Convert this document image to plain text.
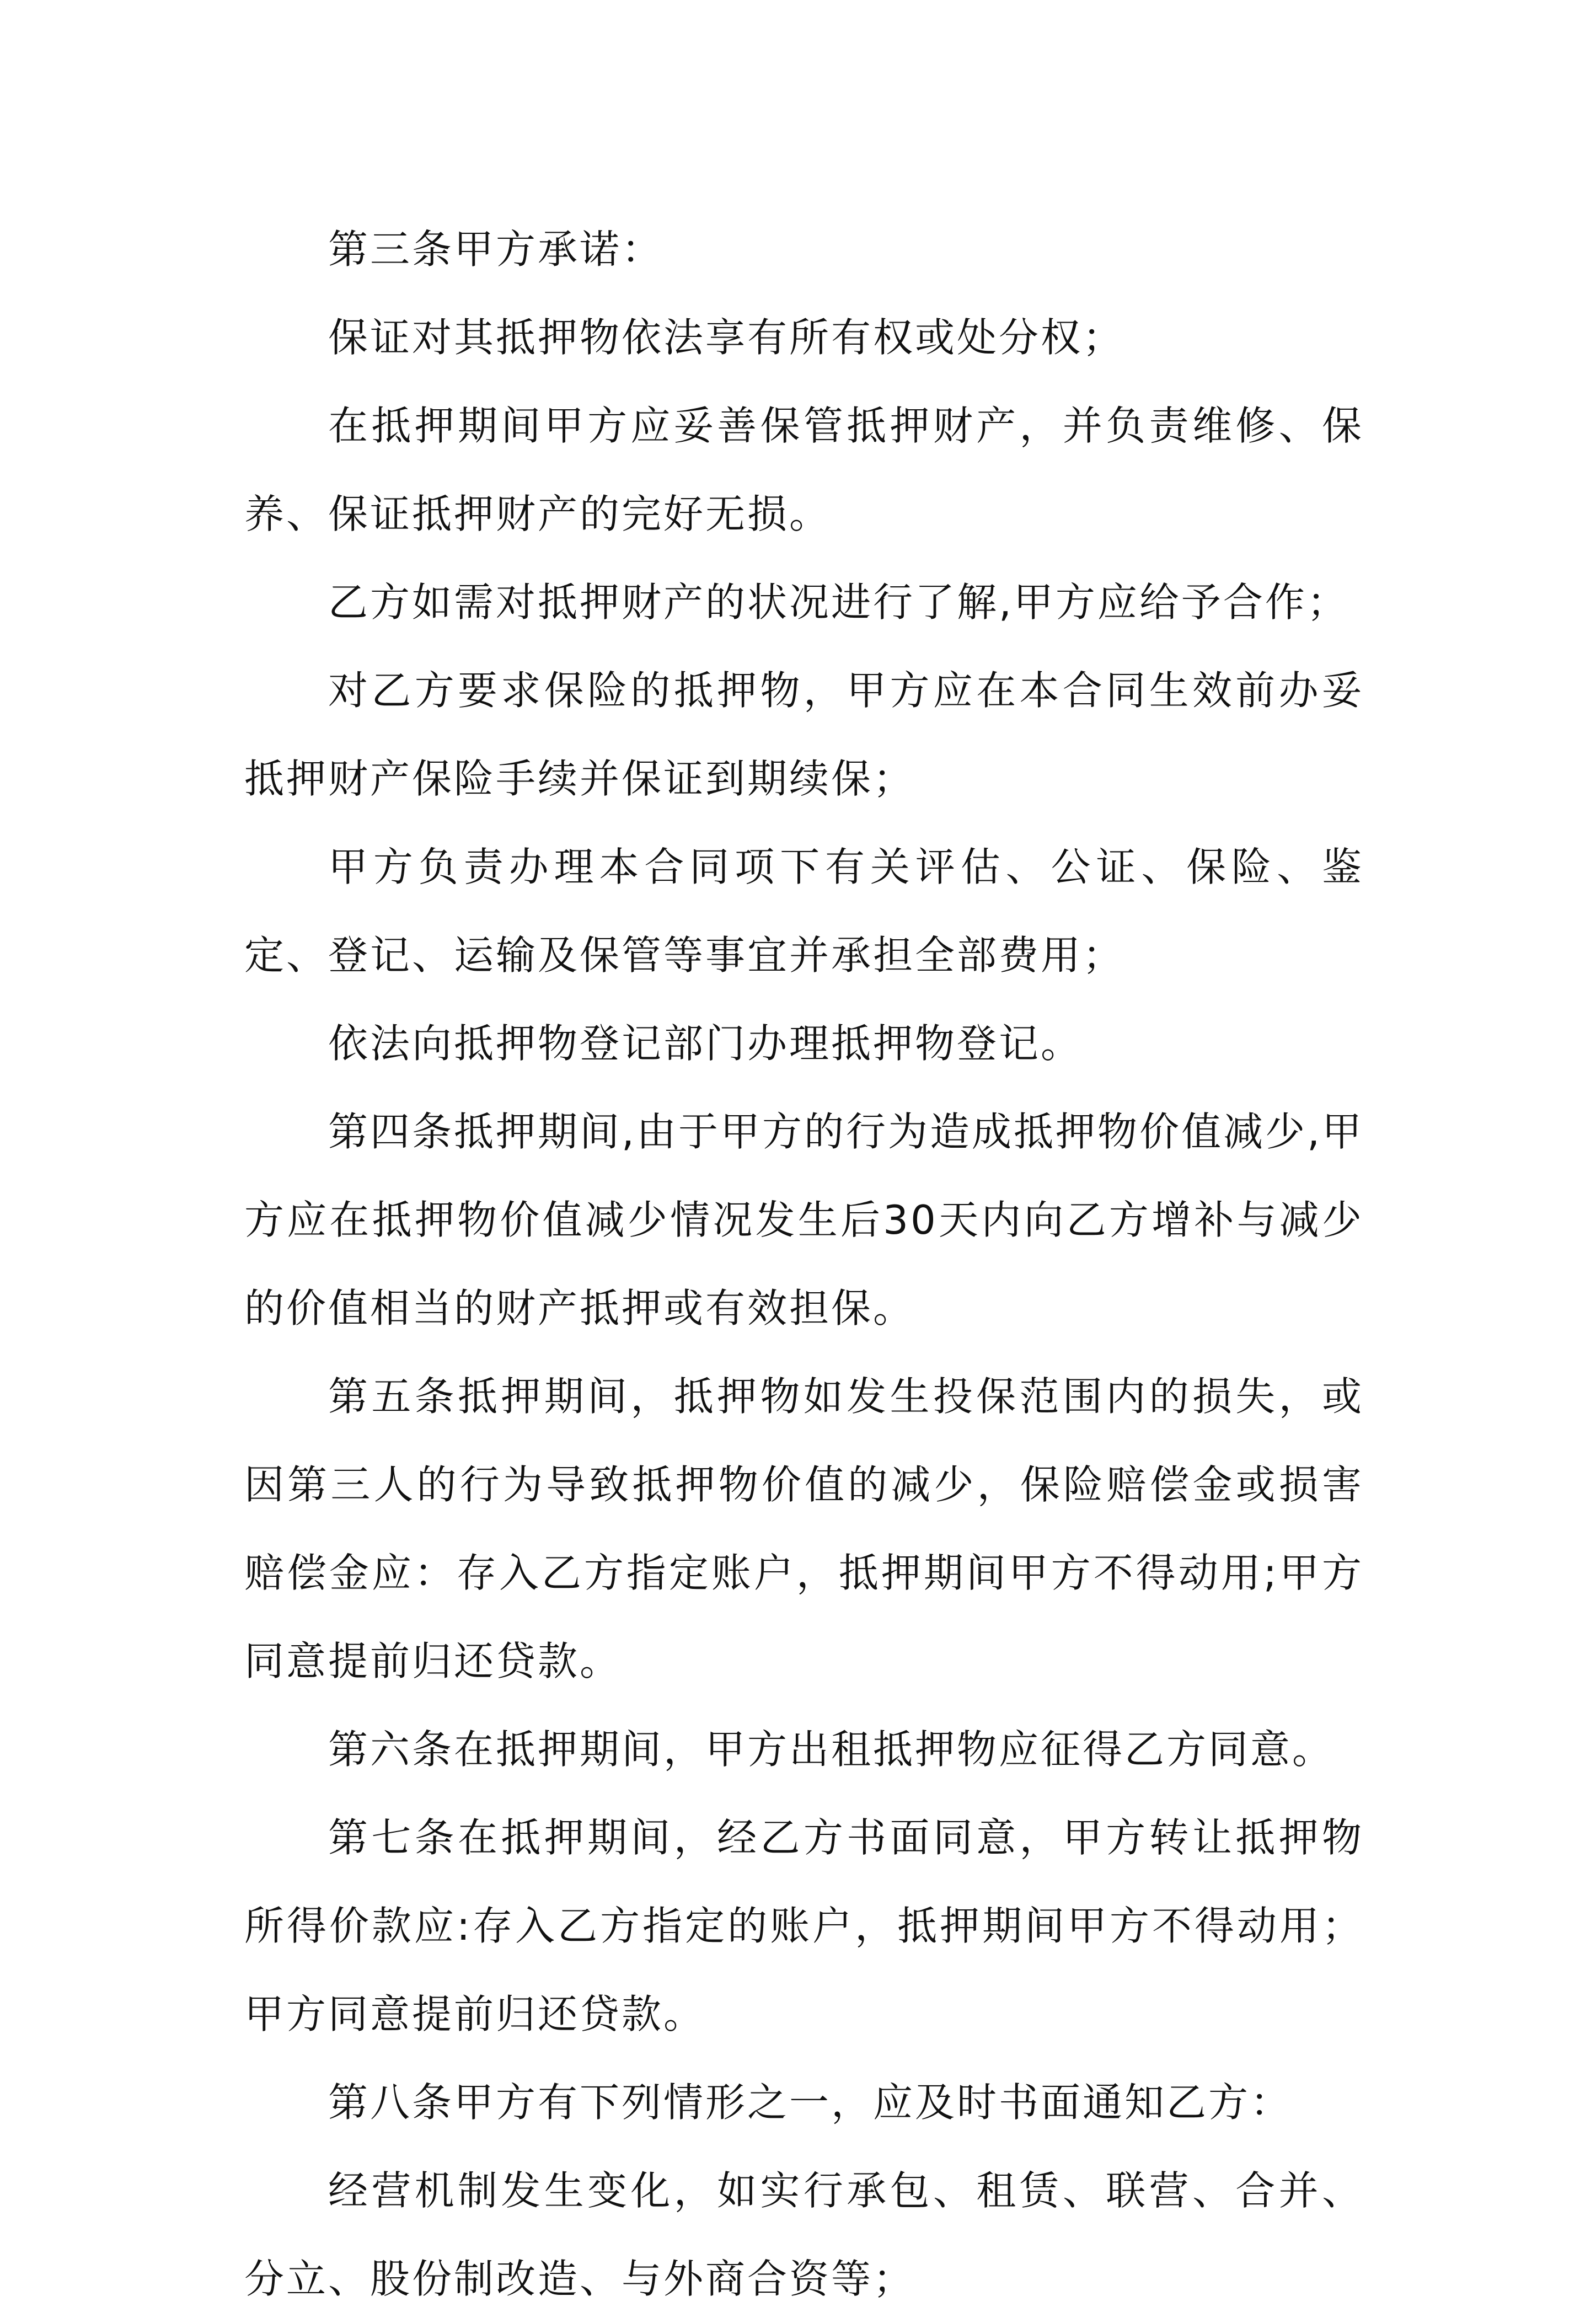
第三条甲方承诺：

保证对其抵押物依法享有所有权或处分权；

在抵押期间甲方应妥善保管抵押财产，并负责维修、保养、保证抵押财产的完好无损。

乙方如需对抵押财产的状况进行了解,甲方应给予合作；

对乙方要求保险的抵押物，甲方应在本合同生效前办妥抵押财产保险手续并保证到期续保；

甲方负责办理本合同项下有关评估、公证、保险、鉴定、登记、运输及保管等事宜并承担全部费用；

依法向抵押物登记部门办理抵押物登记。

第四条抵押期间,由于甲方的行为造成抵押物价值减少,甲方应在抵押物价值减少情况发生后30天内向乙方增补与减少的价值相当的财产抵押或有效担保。

第五条抵押期间，抵押物如发生投保范围内的损失，或因第三人的行为导致抵押物价值的减少，保险赔偿金或损害赔偿金应：存入乙方指定账户，抵押期间甲方不得动用;甲方同意提前归还贷款。

第六条在抵押期间，甲方出租抵押物应征得乙方同意。

第七条在抵押期间，经乙方书面同意，甲方转让抵押物所得价款应:存入乙方指定的账户，抵押期间甲方不得动用；甲方同意提前归还贷款。

第八条甲方有下列情形之一，应及时书面通知乙方：

经营机制发生变化，如实行承包、租赁、联营、合并、分立、股份制改造、与外商合资等；
